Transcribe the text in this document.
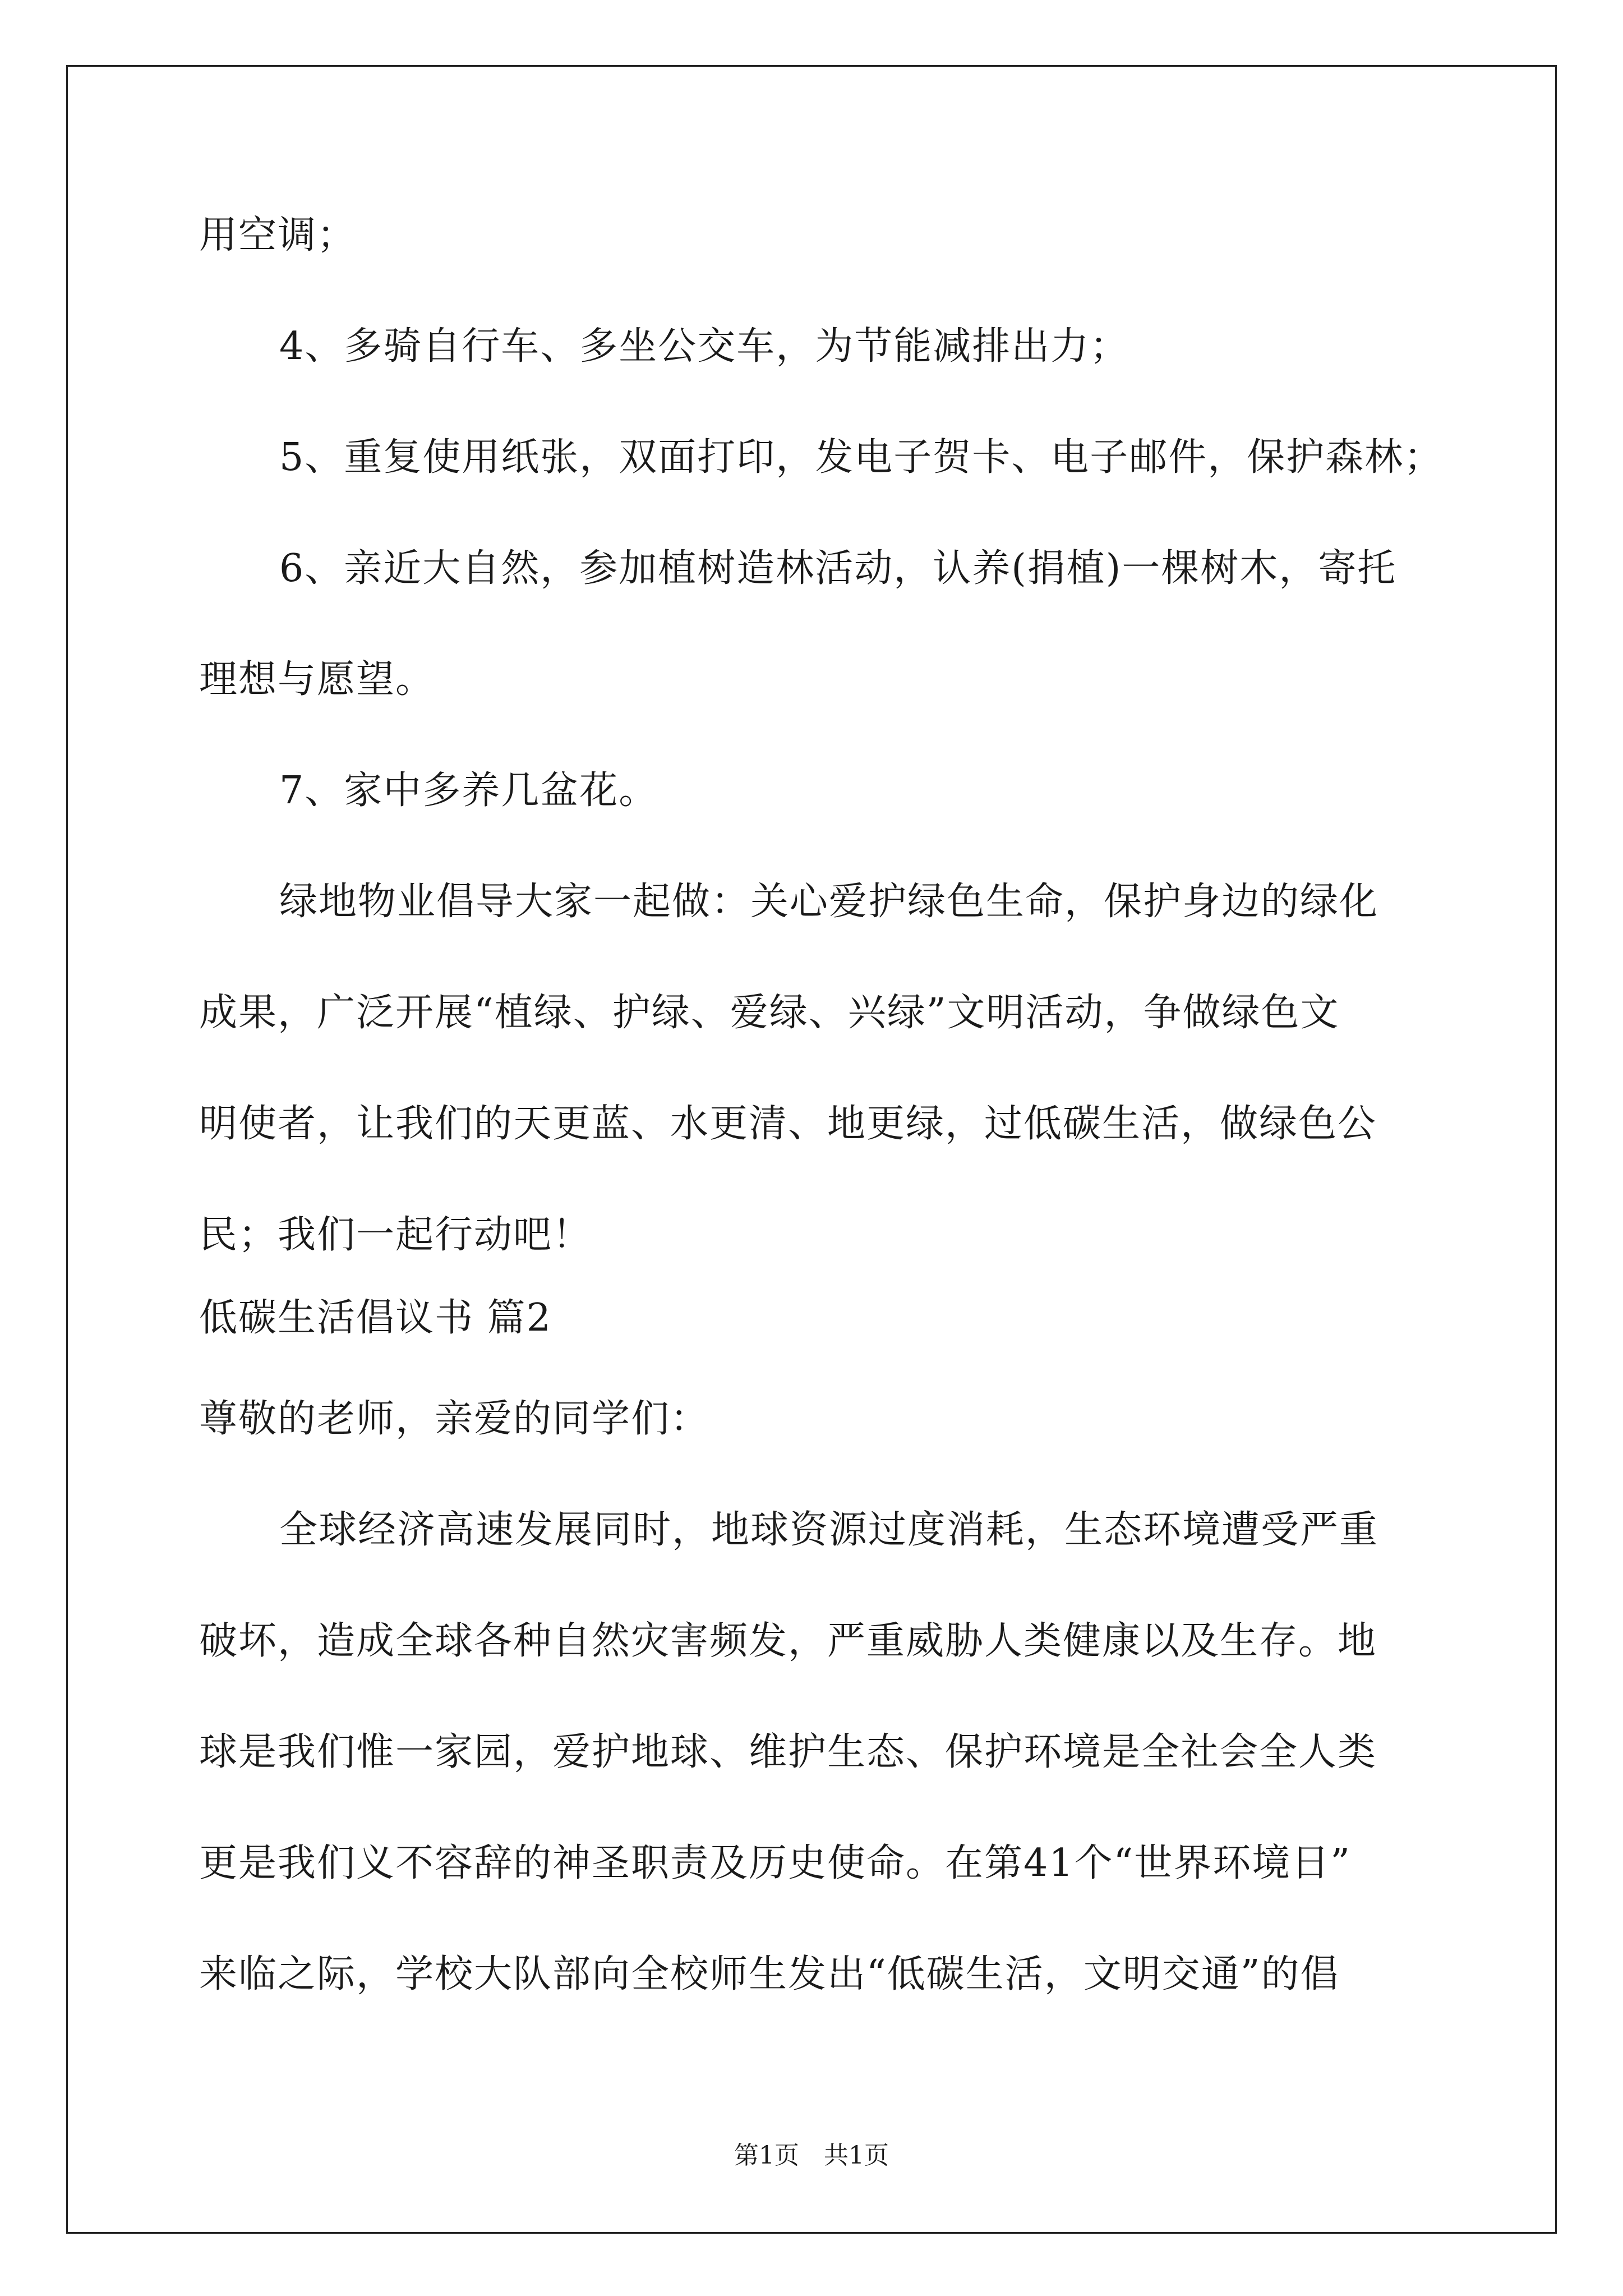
用空调；
4、多骑自行车、多坐公交车，为节能减排出力；
5、重复使用纸张，双面打印，发电子贺卡、电子邮件，保护森林；
6、亲近大自然，参加植树造林活动，认养(捐植)一棵树木，寄托
理想与愿望。
7、家中多养几盆花。
绿地物业倡导大家一起做：关心爱护绿色生命，保护身边的绿化
成果，广泛开展“植绿、护绿、爱绿、兴绿”文明活动，争做绿色文
明使者，让我们的天更蓝、水更清、地更绿，过低碳生活，做绿色公
民；我们一起行动吧！
低碳生活倡议书 篇2
尊敬的老师，亲爱的同学们：
全球经济高速发展同时，地球资源过度消耗，生态环境遭受严重
破坏，造成全球各种自然灾害频发，严重威胁人类健康以及生存。地
球是我们惟一家园，爱护地球、维护生态、保护环境是全社会全人类
更是我们义不容辞的神圣职责及历史使命。在第41个“世界环境日”
来临之际，学校大队部向全校师生发出“低碳生活，文明交通”的倡
第1页　共1页
